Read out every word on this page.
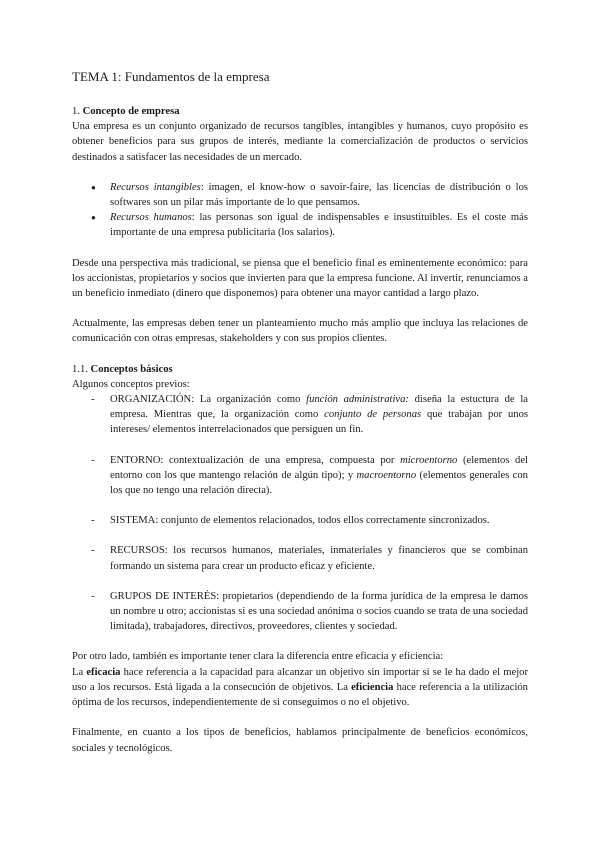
TEMA 1: Fundamentos de la empresa

1. Concepto de empresa

Una empresa es un conjunto organizado de recursos tangibles, intangibles y humanos, cuyo propósito es obtener beneficios para sus grupos de interés, mediante la comercialización de productos o servicios destinados a satisfacer las necesidades de un mercado.

● Recursos intangibles: imagen, el know-how o savoir-faire, las licencias de distribución o los softwares son un pilar más importante de lo que pensamos.
● Recursos humanos: las personas son igual de indispensables e insustituibles. Es el coste más importante de una empresa publicitaria (los salarios).

Desde una perspectiva más tradicional, se piensa que el beneficio final es eminentemente económico: para los accionistas, propietarios y socios que invierten para que la empresa funcione. Al invertir, renunciamos a un beneficio inmediato (dinero que disponemos) para obtener una mayor cantidad a largo plazo.

Actualmente, las empresas deben tener un planteamiento mucho más amplio que incluya las relaciones de comunicación con otras empresas, stakeholders y con sus propios clientes.

1.1. Conceptos básicos

Algunos conceptos previos:

- ORGANIZACIÓN: La organización como función administrativa: diseña la estuctura de la empresa. Mientras que, la organización como conjunto de personas que trabajan por unos intereses/ elementos interrelacionados que persiguen un fin.
- ENTORNO: contextualización de una empresa, compuesta por microentorno (elementos del entorno con los que mantengo relación de algún tipo); y macroentorno (elementos generales con los que no tengo una relación directa).
- SISTEMA: conjunto de elementos relacionados, todos ellos correctamente sincronizados.
- RECURSOS: los recursos humanos, materiales, inmateriales y financieros que se combinan formando un sistema para crear un producto eficaz y eficiente.
- GRUPOS DE INTERÉS: propietarios (dependiendo de la forma jurídica de la empresa le damos un nombre u otro; accionistas si es una sociedad anónima o socios cuando se trata de una sociedad limitada), trabajadores, directivos, proveedores, clientes y sociedad.

Por otro lado, también es importante tener clara la diferencia entre eficacia y eficiencia:

La eficacia hace referencia a la capacidad para alcanzar un objetivo sin importar si se le ha dado el mejor uso a los recursos. Está ligada a la consecución de objetivos. La eficiencia hace referencia a la utilización óptima de los recursos, independientemente de si conseguimos o no el objetivo.

Finalmente, en cuanto a los tipos de beneficios, hablamos principalmente de beneficios económicos, sociales y tecnológicos.
